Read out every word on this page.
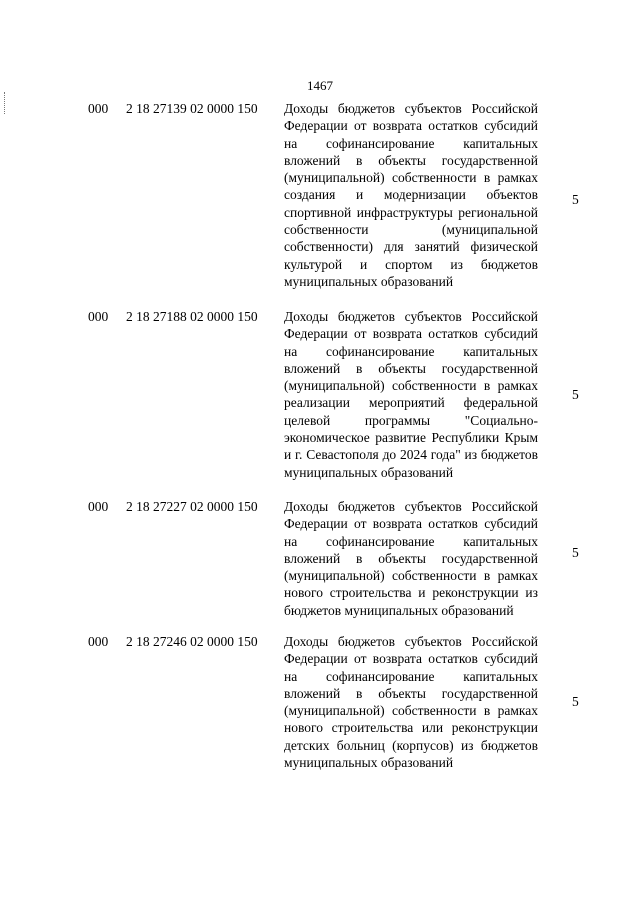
1467
000 2 18 27139 02 0000 150 Доходы бюджетов субъектов Российской Федерации от возврата остатков субсидий на софинансирование капитальных вложений в объекты государственной (муниципальной) собственности в рамках создания и модернизации объектов спортивной инфраструктуры региональной собственности (муниципальной собственности) для занятий физической культурой и спортом из бюджетов муниципальных образований
5
000 2 18 27188 02 0000 150 Доходы бюджетов субъектов Российской Федерации от возврата остатков субсидий на софинансирование капитальных вложений в объекты государственной (муниципальной) собственности в рамках реализации мероприятий федеральной целевой программы "Социально-экономическое развитие Республики Крым и г. Севастополя до 2024 года" из бюджетов муниципальных образований
5
000 2 18 27227 02 0000 150 Доходы бюджетов субъектов Российской Федерации от возврата остатков субсидий на софинансирование капитальных вложений в объекты государственной (муниципальной) собственности в рамках нового строительства и реконструкции из бюджетов муниципальных образований
5
000 2 18 27246 02 0000 150 Доходы бюджетов субъектов Российской Федерации от возврата остатков субсидий на софинансирование капитальных вложений в объекты государственной (муниципальной) собственности в рамках нового строительства или реконструкции детских больниц (корпусов) из бюджетов муниципальных образований
5
